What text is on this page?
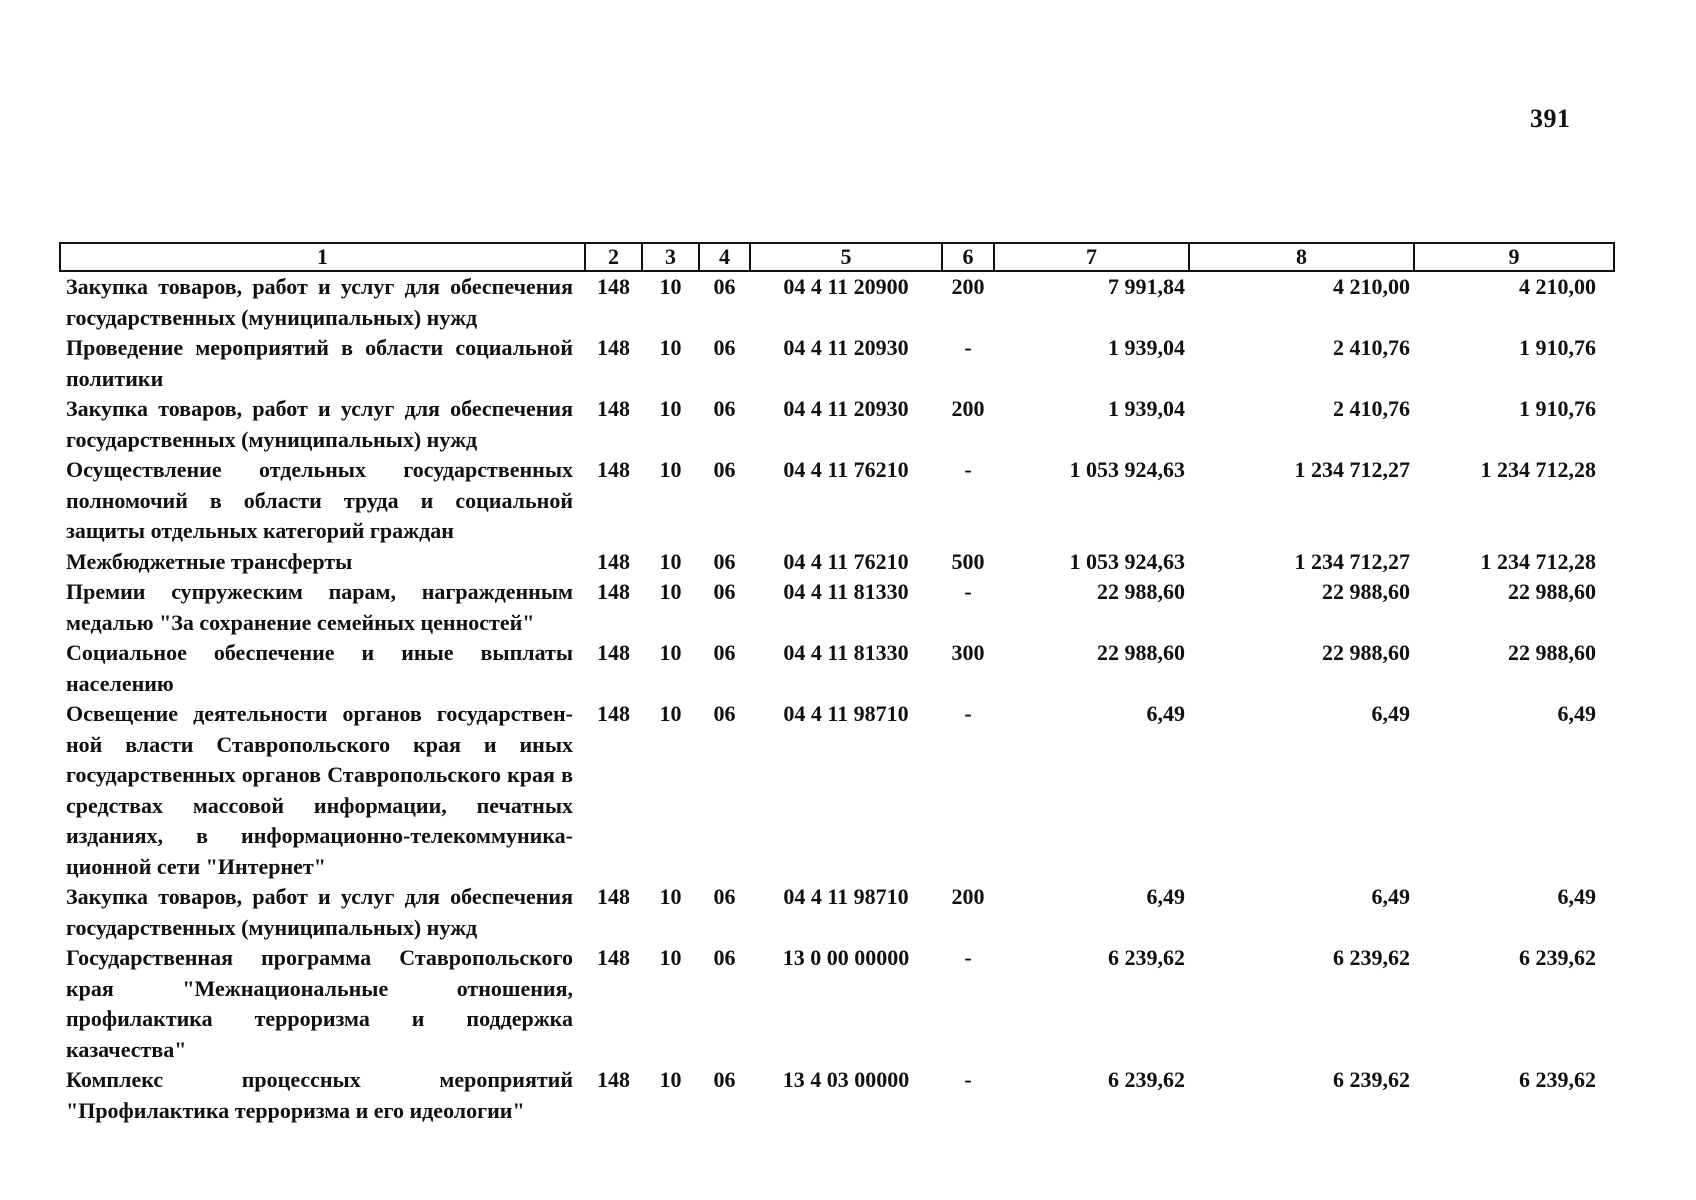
391
1	2	3	4	5	6	7	8	9
Закупка товаров, работ и услуг для обеспечения государственных (муниципальных) нужд	148	10	06	04 4 11 20900	200	7 991,84	4 210,00	4 210,00
Проведение мероприятий в области социальной политики	148	10	06	04 4 11 20930	-	1 939,04	2 410,76	1 910,76
Закупка товаров, работ и услуг для обеспечения государственных (муниципальных) нужд	148	10	06	04 4 11 20930	200	1 939,04	2 410,76	1 910,76
Осуществление отдельных государственных полномочий в области труда и социальной защиты отдельных категорий граждан	148	10	06	04 4 11 76210	-	1 053 924,63	1 234 712,27	1 234 712,28
Межбюджетные трансферты	148	10	06	04 4 11 76210	500	1 053 924,63	1 234 712,27	1 234 712,28
Премии супружеским парам, награжденным медалью "За сохранение семейных ценностей"	148	10	06	04 4 11 81330	-	22 988,60	22 988,60	22 988,60
Социальное обеспечение и иные выплаты населению	148	10	06	04 4 11 81330	300	22 988,60	22 988,60	22 988,60
Освещение деятельности органов государствен-ной власти Ставропольского края и иных государственных органов Ставропольского края в средствах массовой информации, печатных изданиях, в информационно-телекоммуника-ционной сети "Интернет"	148	10	06	04 4 11 98710	-	6,49	6,49	6,49
Закупка товаров, работ и услуг для обеспечения государственных (муниципальных) нужд	148	10	06	04 4 11 98710	200	6,49	6,49	6,49
Государственная программа Ставропольского края "Межнациональные отношения, профилактика терроризма и поддержка казачества"	148	10	06	13 0 00 00000	-	6 239,62	6 239,62	6 239,62
Комплекс процессных мероприятий "Профилактика терроризма и его идеологии"	148	10	06	13 4 03 00000	-	6 239,62	6 239,62	6 239,62
